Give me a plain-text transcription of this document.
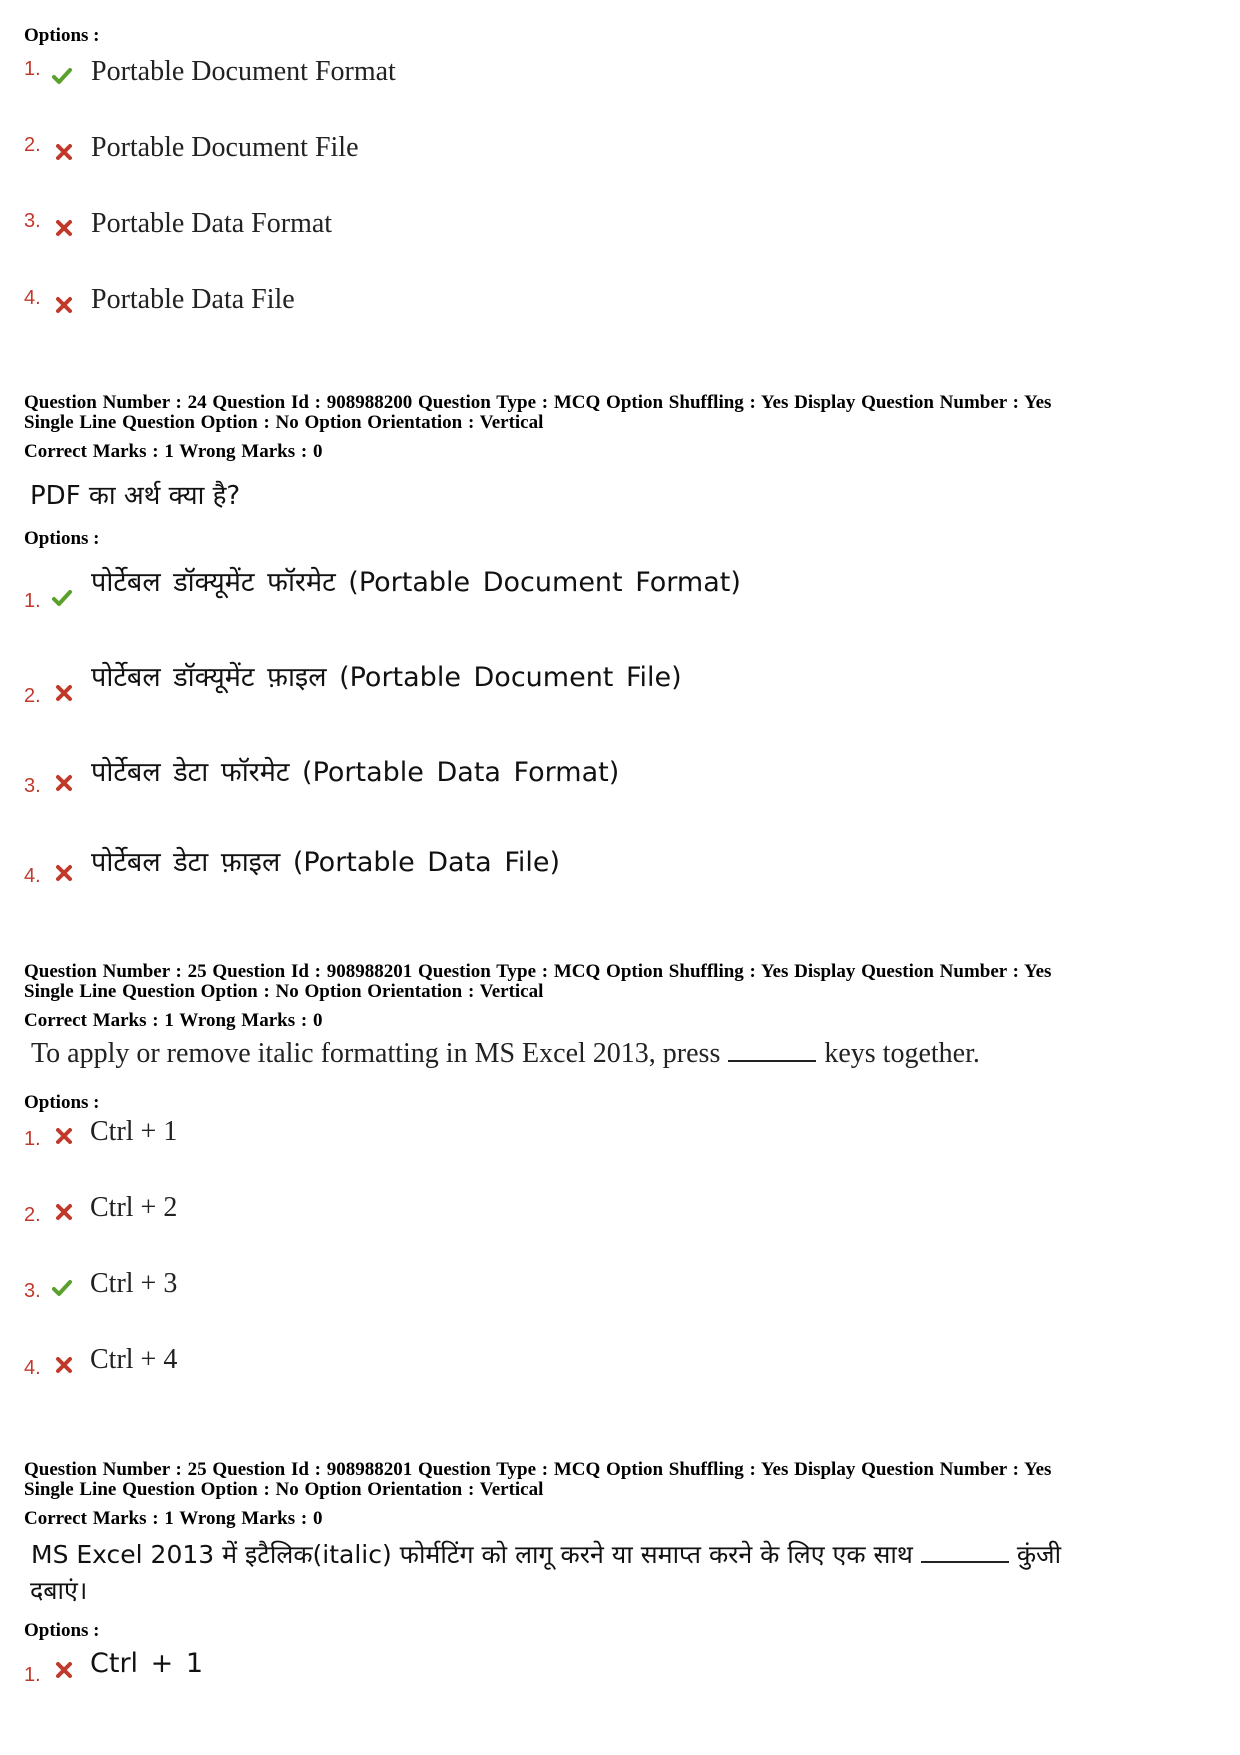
Options :
1. Portable Document Format
2. Portable Document File
3. Portable Data Format
4. Portable Data File
Question Number : 24 Question Id : 908988200 Question Type : MCQ Option Shuffling : Yes Display Question Number : Yes
Single Line Question Option : No Option Orientation : Vertical
Correct Marks : 1 Wrong Marks : 0
PDF का अर्थ क्या है?
Options :
1.
पोर्टेबल डॉक्यूमेंट फॉरमेट (Portable Document Format)
2.
पोर्टेबल डॉक्यूमेंट फ़ाइल (Portable Document File)
3. पोर्टेबल डेटा फॉरमेट (Portable Data Format)
4. पोर्टेबल डेटा फ़ाइल (Portable Data File)
Question Number : 25 Question Id : 908988201 Question Type : MCQ Option Shuffling : Yes Display Question Number : Yes
Single Line Question Option : No Option Orientation : Vertical
Correct Marks : 1 Wrong Marks : 0
To apply or remove italic formatting in MS Excel 2013, press	keys together.
Options :
1. Ctrl + 1
2. Ctrl + 2
3. Ctrl + 3
4. Ctrl + 4
Question Number : 25 Question Id : 908988201 Question Type : MCQ Option Shuffling : Yes Display Question Number : Yes
Single Line Question Option : No Option Orientation : Vertical
Correct Marks : 1 Wrong Marks : 0
MS Excel 2013 में इटैलिक(italic) फोर्मटिंग को लागू करने या समाप्त करने के लिए एक साथ	कुंजी
दबाएं।
Options :
1. Ctrl + 1
